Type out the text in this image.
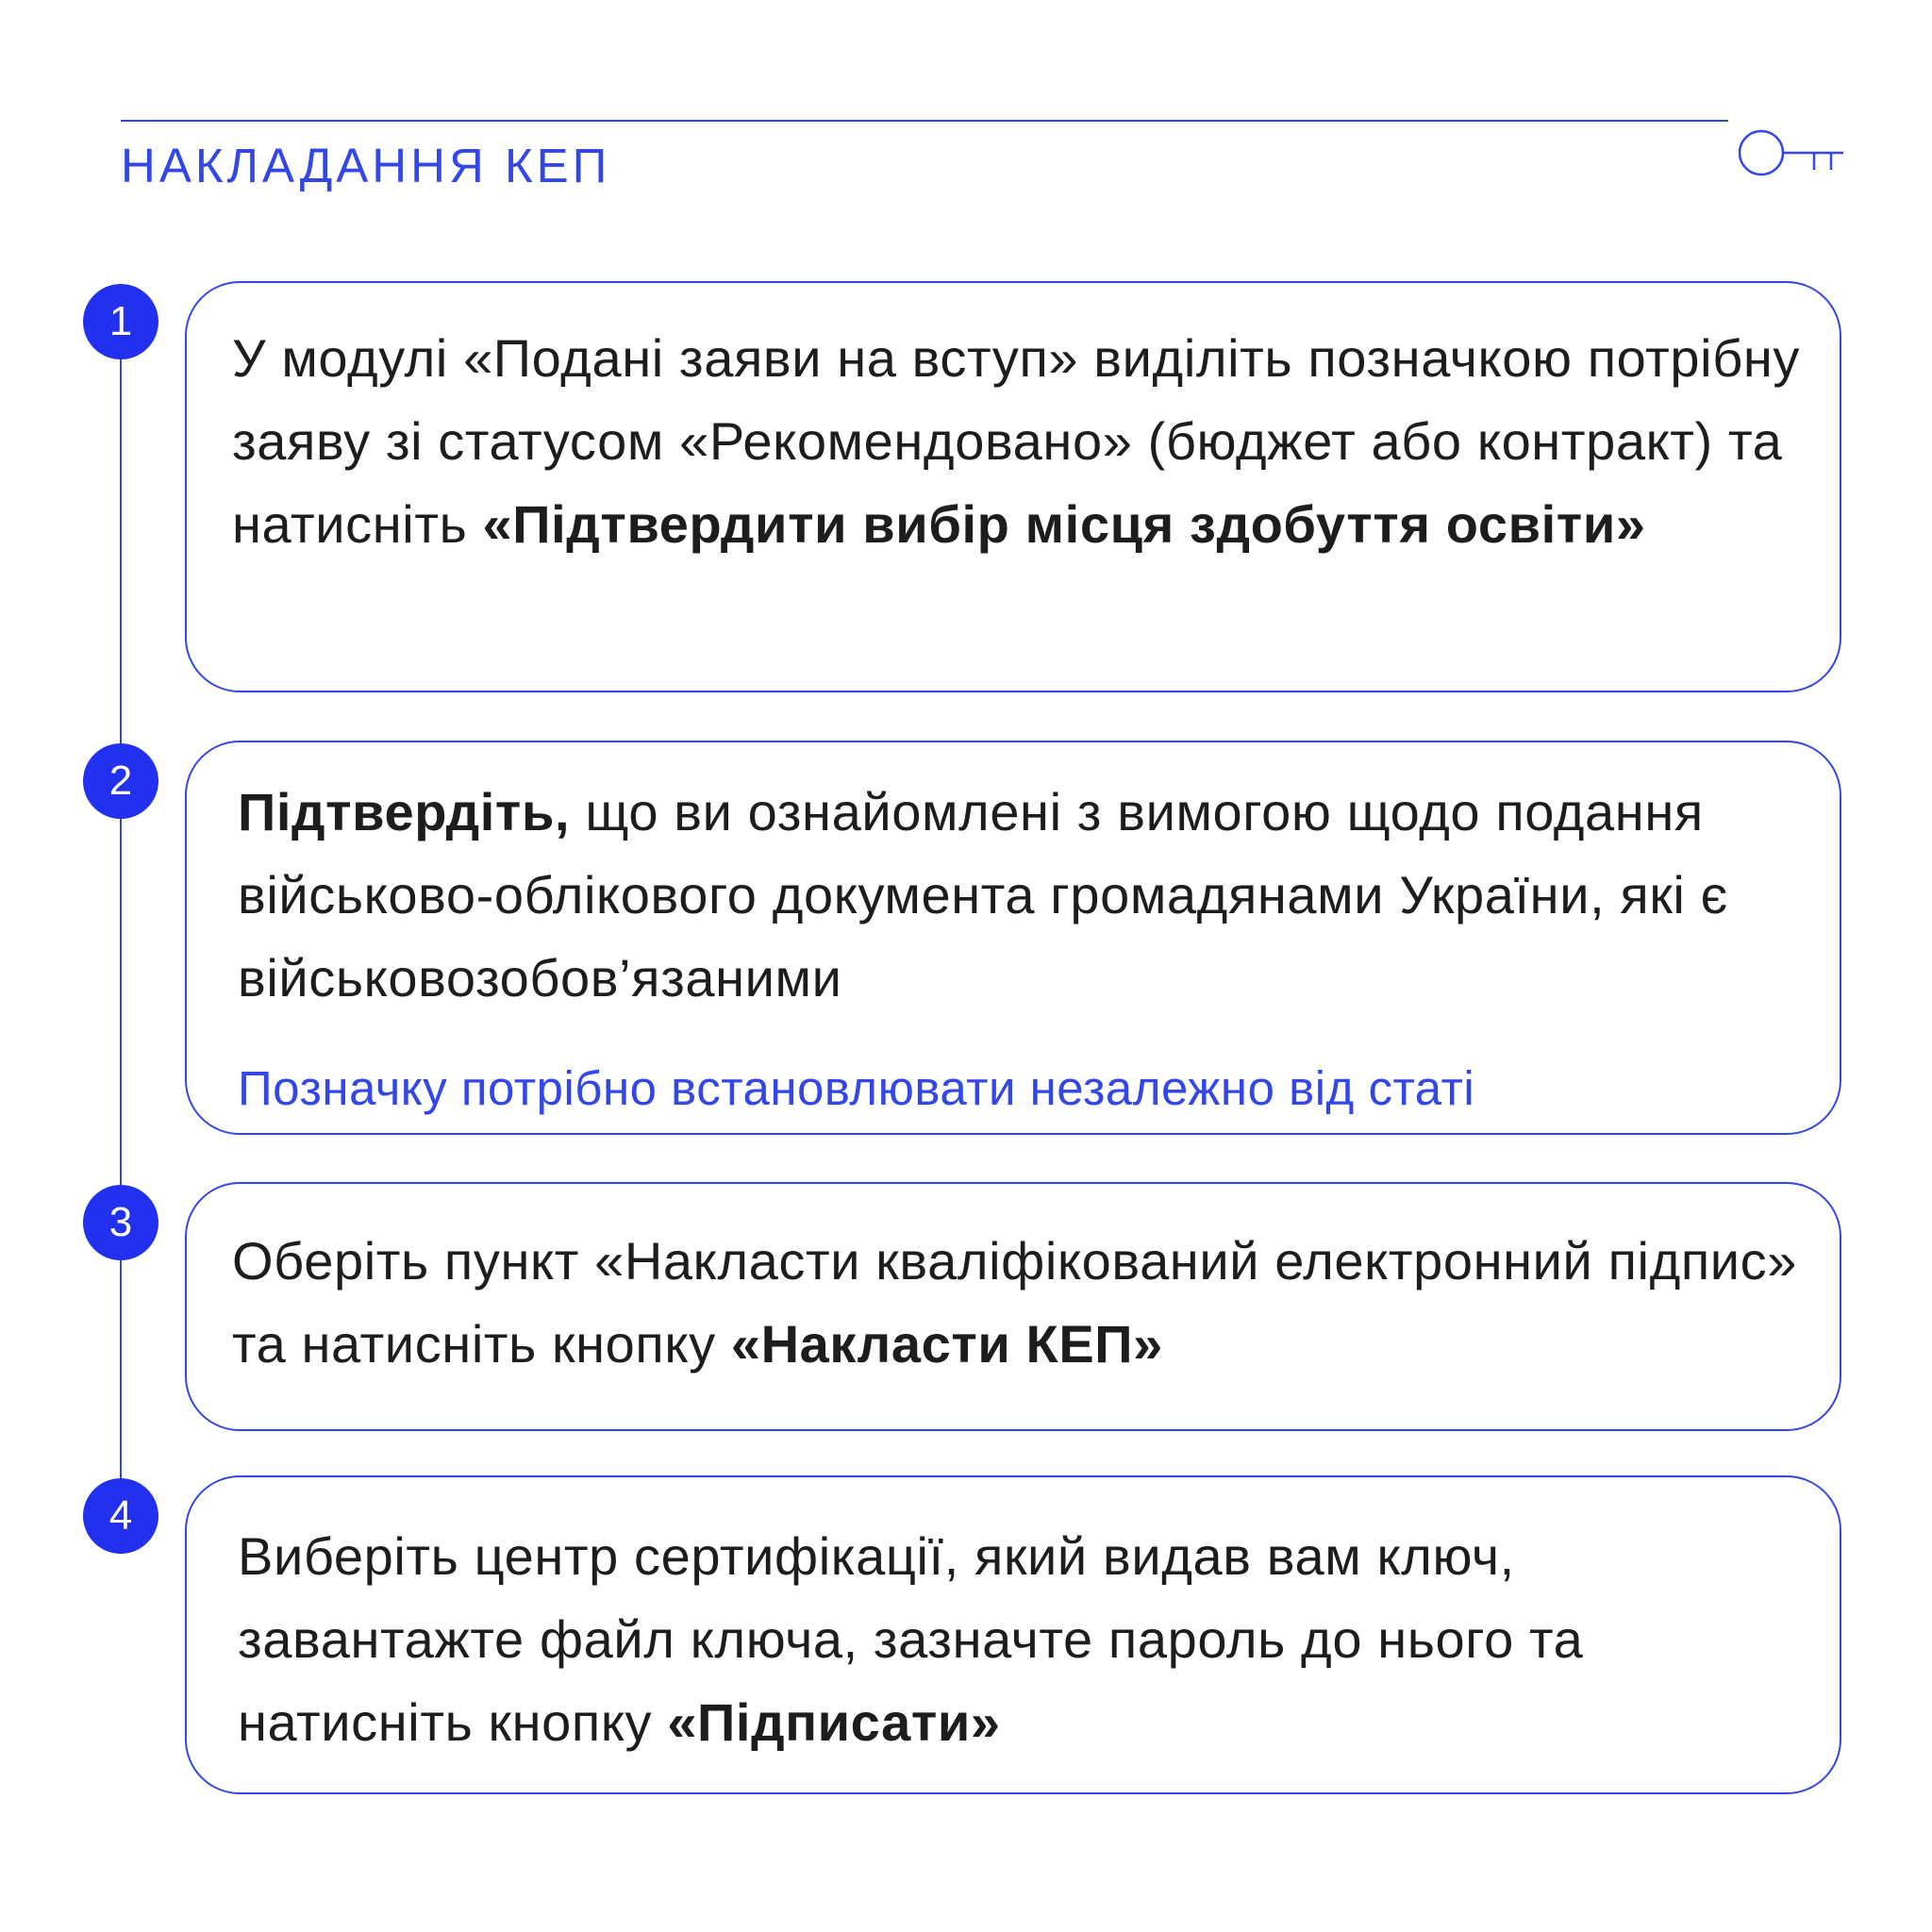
НАКЛАДАННЯ КЕП
1
У модулі «Подані заяви на вступ» виділіть позначкою потрібну заяву зі статусом «Рекомендовано» (бюджет або контракт) та натисніть «Підтвердити вибір місця здобуття освіти»
2
Підтвердіть, що ви ознайомлені з вимогою щодо подання військово-облікового документа громадянами України, які є військовозобов’язаними
Позначку потрібно встановлювати незалежно від статі
3
Оберіть пункт «Накласти кваліфікований електронний підпис» та натисніть кнопку «Накласти КЕП»
4
Виберіть центр сертифікації, який видав вам ключ, завантажте файл ключа, зазначте пароль до нього та натисніть кнопку «Підписати»
